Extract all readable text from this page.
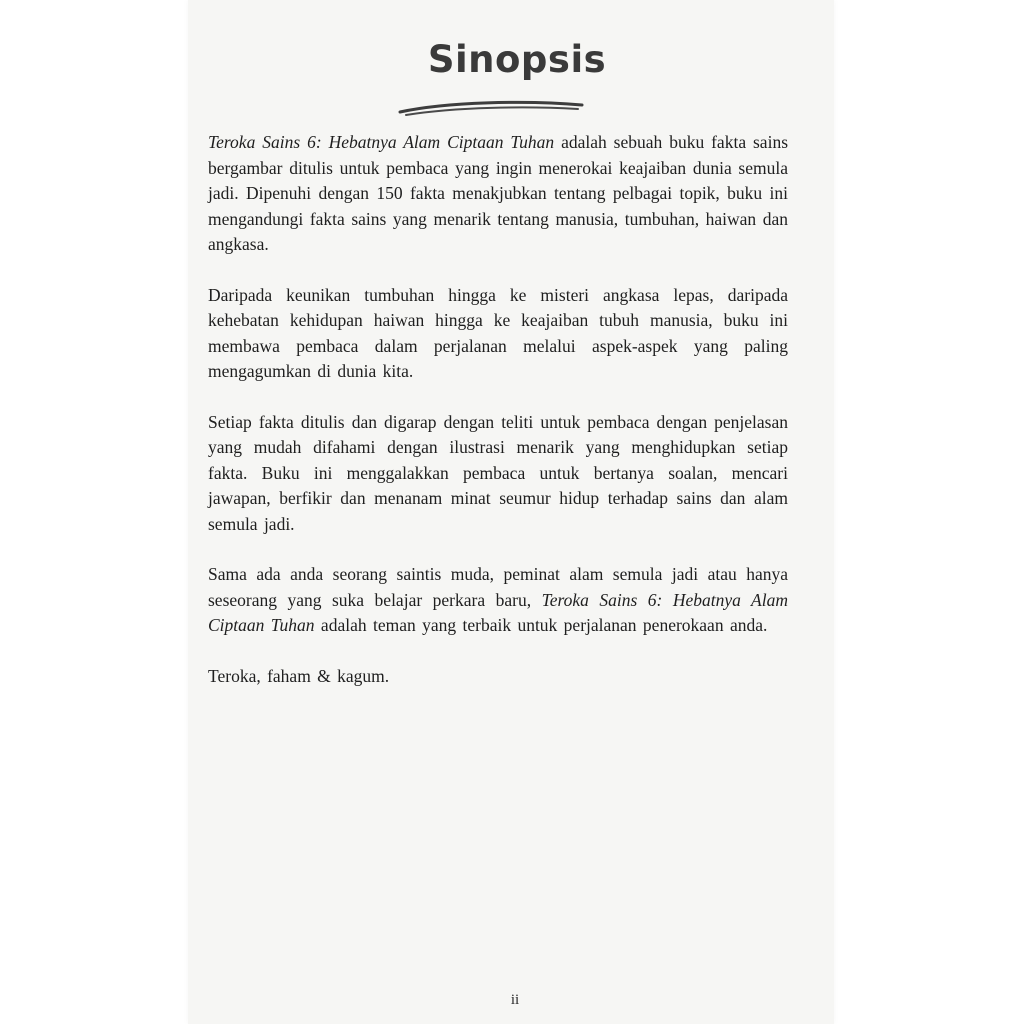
Sinopsis

Teroka Sains 6: Hebatnya Alam Ciptaan Tuhan adalah sebuah buku fakta sains bergambar ditulis untuk pembaca yang ingin menerokai keajaiban dunia semula jadi. Dipenuhi dengan 150 fakta menakjubkan tentang pelbagai topik, buku ini mengandungi fakta sains yang menarik tentang manusia, tumbuhan, haiwan dan angkasa.

Daripada keunikan tumbuhan hingga ke misteri angkasa lepas, daripada kehebatan kehidupan haiwan hingga ke keajaiban tubuh manusia, buku ini membawa pembaca dalam perjalanan melalui aspek-aspek yang paling mengagumkan di dunia kita.

Setiap fakta ditulis dan digarap dengan teliti untuk pembaca dengan penjelasan yang mudah difahami dengan ilustrasi menarik yang menghidupkan setiap fakta. Buku ini menggalakkan pembaca untuk bertanya soalan, mencari jawapan, berfikir dan menanam minat seumur hidup terhadap sains dan alam semula jadi.

Sama ada anda seorang saintis muda, peminat alam semula jadi atau hanya seseorang yang suka belajar perkara baru, Teroka Sains 6: Hebatnya Alam Ciptaan Tuhan adalah teman yang terbaik untuk perjalanan penerokaan anda.

Teroka, faham & kagum.

ii
